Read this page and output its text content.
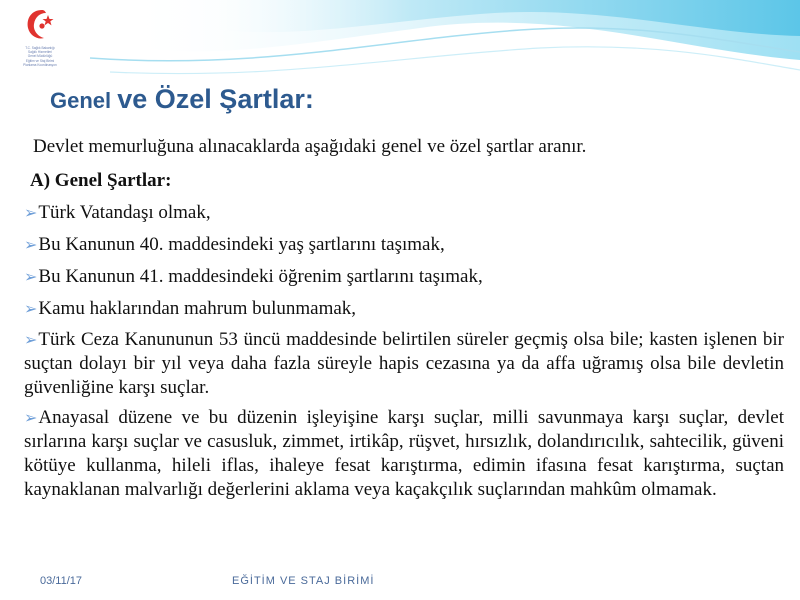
T.C. Sağlık Bakanlığı
Sağlık Hizmetleri
Genel Müdürlüğü
Eğitim ve Staj Birimi
Planlama Koordinasyon
Genel ve Özel Şartlar:
Devlet memurluğuna alınacaklarda aşağıdaki genel ve özel şartlar aranır.
A) Genel Şartlar:
➢Türk Vatandaşı olmak,
➢Bu Kanunun 40. maddesindeki yaş şartlarını taşımak,
➢Bu Kanunun 41. maddesindeki öğrenim şartlarını taşımak,
➢Kamu haklarından mahrum bulunmamak,
➢Türk Ceza Kanununun 53 üncü maddesinde belirtilen süreler geçmiş olsa bile; kasten işlenen bir suçtan dolayı bir yıl veya daha fazla süreyle hapis cezasına ya da affa uğramış olsa bile devletin güvenliğine karşı suçlar.
➢Anayasal düzene ve bu düzenin işleyişine karşı suçlar, milli savunmaya karşı suçlar, devlet sırlarına karşı suçlar ve casusluk, zimmet, irtikâp, rüşvet, hırsızlık, dolandırıcılık, sahtecilik, güveni kötüye kullanma, hileli iflas, ihaleye fesat karıştırma, edimin ifasına fesat karıştırma, suçtan kaynaklanan malvarlığı değerlerini aklama veya kaçakçılık suçlarından mahkûm olmamak.
03/11/17	EĞİTİM VE STAJ BİRİMİ
